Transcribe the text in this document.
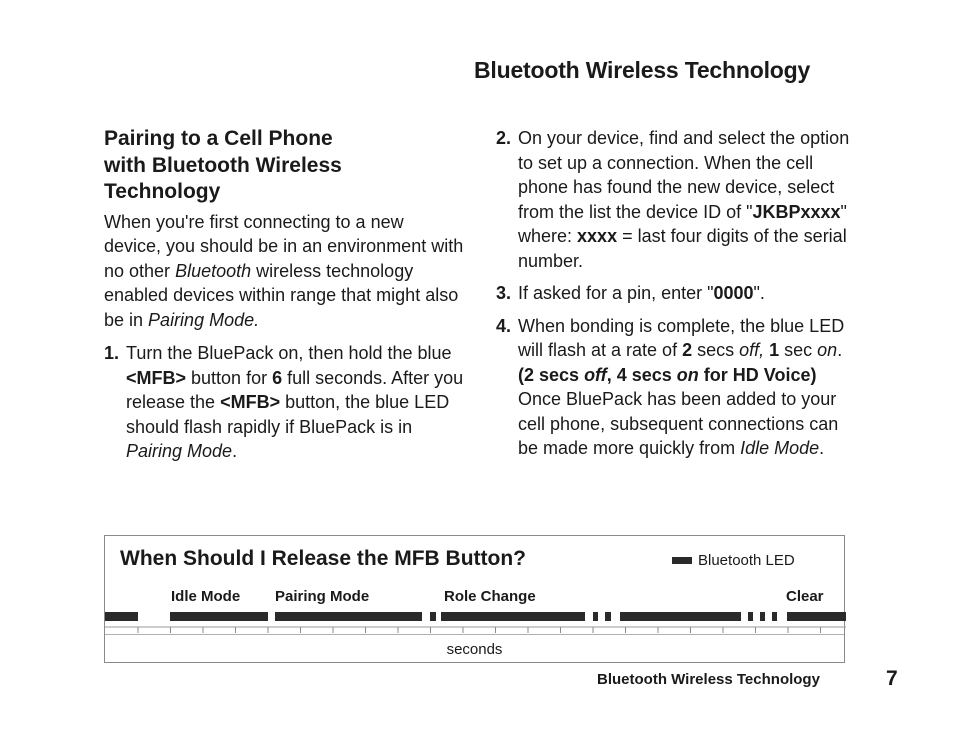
Bluetooth Wireless Technology
Pairing to a Cell Phone
with Bluetooth Wireless
Technology

When you're first connecting to a new device, you should be in an environment with no other Bluetooth wireless technology enabled devices within range that might also be in Pairing Mode.

1. Turn the BluePack on, then hold the blue <MFB> button for 6 full seconds. After you release the <MFB> button, the blue LED should flash rapidly if BluePack is in Pairing Mode.
2. On your device, find and select the option to set up a connection. When the cell phone has found the new device, select from the list the device ID of "JKBPxxxx" where: xxxx = last four digits of the serial number.
3. If asked for a pin, enter "0000".
4. When bonding is complete, the blue LED will flash at a rate of 2 secs off, 1 sec on. (2 secs off, 4 secs on for HD Voice) Once BluePack has been added to your cell phone, subsequent connections can be made more quickly from Idle Mode.
When Should I Release the MFB Button?	Bluetooth LED
Idle Mode Pairing Mode	Role Change	Clear
seconds
Bluetooth Wireless Technology	7
